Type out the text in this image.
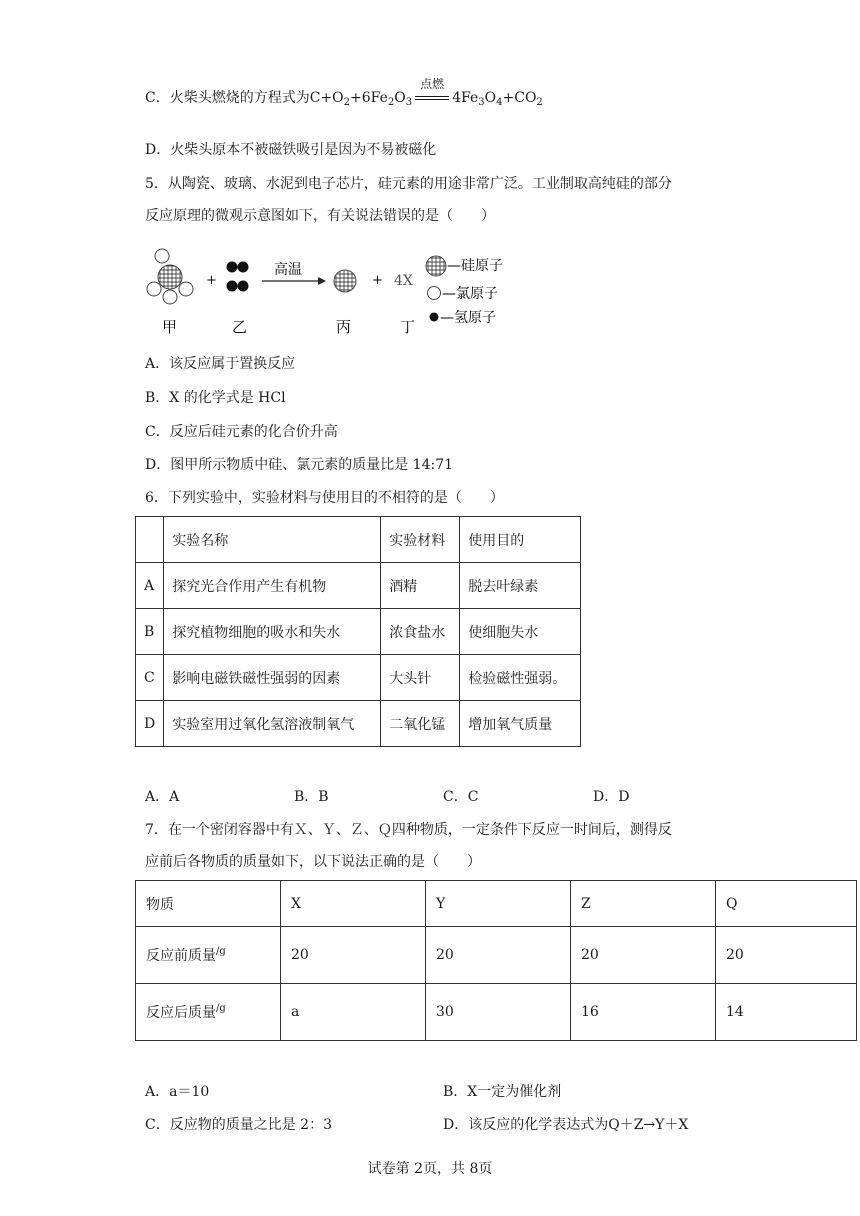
C．火柴头燃烧的方程式为$C+O_2+6Fe_2O_3$
点燃
$4Fe_3O_4+CO_2$
D．火柴头原本不被磁铁吸引是因为不易被磁化
5．从陶瓷、玻璃、水泥到电子芯片，硅元素的用途非常广泛。工业制取高纯硅的部分
反应原理的微观示意图如下，有关说法错误的是（　　）
+
高温
+ 4X
—硅原子
—氯原子
—氢原子
甲	乙	丙	丁
A．该反应属于置换反应
B．X 的化学式是 HCl
C．反应后硅元素的化合价升高
D．图甲所示物质中硅、氯元素的质量比是 14:71
6．下列实验中，实验材料与使用目的不相符的是（　　）
	实验名称	实验材料	使用目的
A	探究光合作用产生有机物	酒精	脱去叶绿素
B	探究植物细胞的吸水和失水	浓食盐水	使细胞失水
C	影响电磁铁磁性强弱的因素	大头针	检验磁性强弱。
D	实验室用过氧化氢溶液制氧气	二氧化锰	增加氧气质量
A．A	B．B	C．C	D．D
7．在一个密闭容器中有Ｘ、Ｙ、Ｚ、Ｑ四种物质，一定条件下反应一时间后，测得反
应前后各物质的质量如下，以下说法正确的是（　　）
物质	X	Y	Z	Q
反应前质量$^{/g}$	20	20	20	20
反应后质量$^{/g}$	a	30	16	14
A．a＝10	B．X一定为催化剂
C．反应物的质量之比是 2：3	D．该反应的化学表达式为Q＋Z→Y＋X
试卷第 2页，共 8页
